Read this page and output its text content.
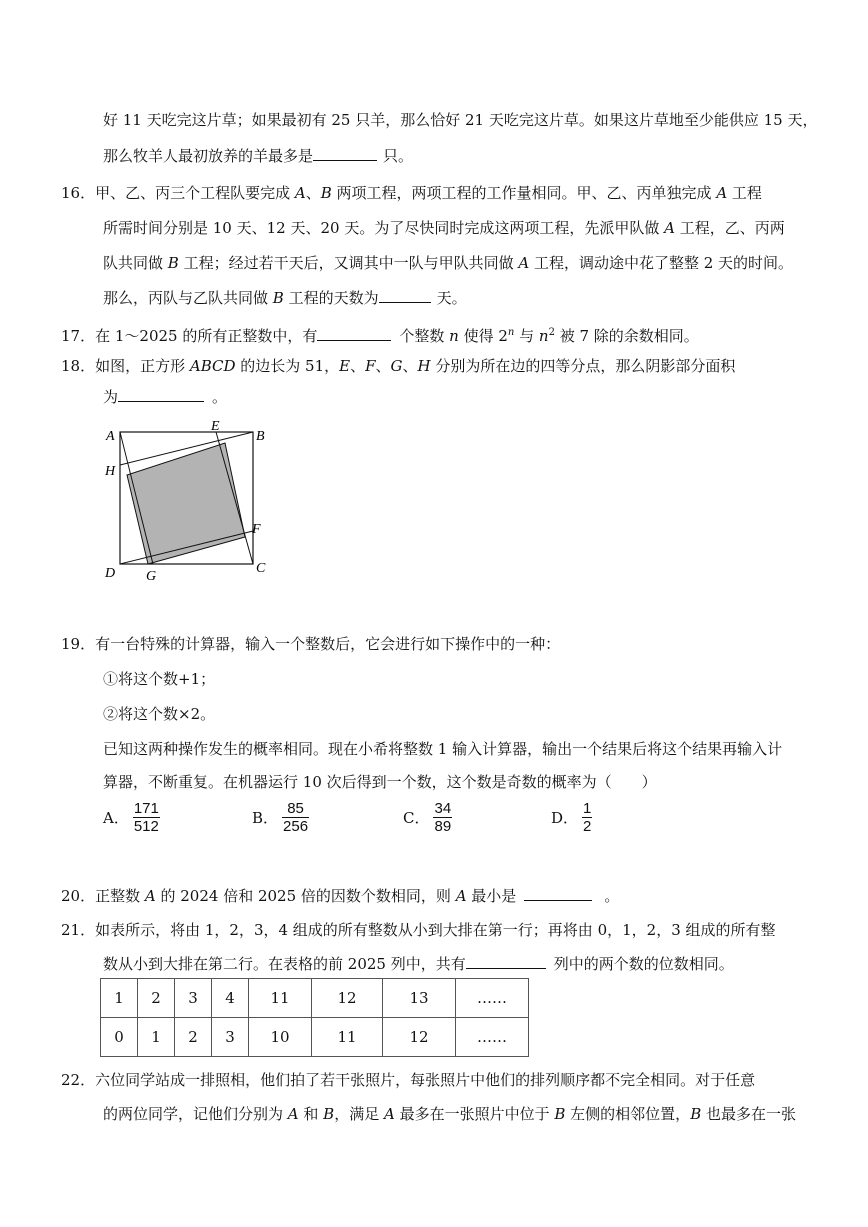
好 11 天吃完这片草；如果最初有 25 只羊，那么恰好 21 天吃完这片草。如果这片草地至少能供应 15 天，
那么牧羊人最初放养的羊最多是	只。
16．甲、乙、丙三个工程队要完成 A、B 两项工程，两项工程的工作量相同。甲、乙、丙单独完成 A 工程
所需时间分别是 10 天、12 天、20 天。为了尽快同时完成这两项工程，先派甲队做 A 工程，乙、丙两
队共同做 B 工程；经过若干天后，又调其中一队与甲队共同做 A 工程，调动途中花了整整 2 天的时间。
那么，丙队与乙队共同做 B 工程的天数为	天。
17．在 1～2025 的所有正整数中，有	个整数 n 使得 2$^n$ 与 $n^2$ 被 7 除的余数相同。
18．如图，正方形 ABCD 的边长为 51，E、F、G、H 分别为所在边的四等分点，那么阴影部分面积
为	。
A	B
C
D
E
F
G
H
19．有一台特殊的计算器，输入一个整数后，它会进行如下操作中的一种：
①将这个数+1；
②将这个数×2。
已知这两种操作发生的概率相同。现在小希将整数 1 输入计算器，输出一个结果后将这个结果再输入计
算器，不断重复。在机器运行 10 次后得到一个数，这个数是奇数的概率为（　　）
A． $\frac{171}{512}$	B． $\frac{85}{256}$	C． $\frac{34}{89}$	D． $\frac{1}{2}$
20．正整数 A 的 2024 倍和 2025 倍的因数个数相同，则 A 最小是	。
21．如表所示，将由 1，2，3，4 组成的所有整数从小到大排在第一行；再将由 0，1，2，3 组成的所有整
数从小到大排在第二行。在表格的前 2025 列中，共有	列中的两个数的位数相同。
1	2	3	4	11	12	13	……
0	1	2	3	10	11	12	……
22．六位同学站成一排照相，他们拍了若干张照片，每张照片中他们的排列顺序都不完全相同。对于任意
的两位同学，记他们分别为 A 和 B，满足 A 最多在一张照片中位于 B 左侧的相邻位置，B 也最多在一张
